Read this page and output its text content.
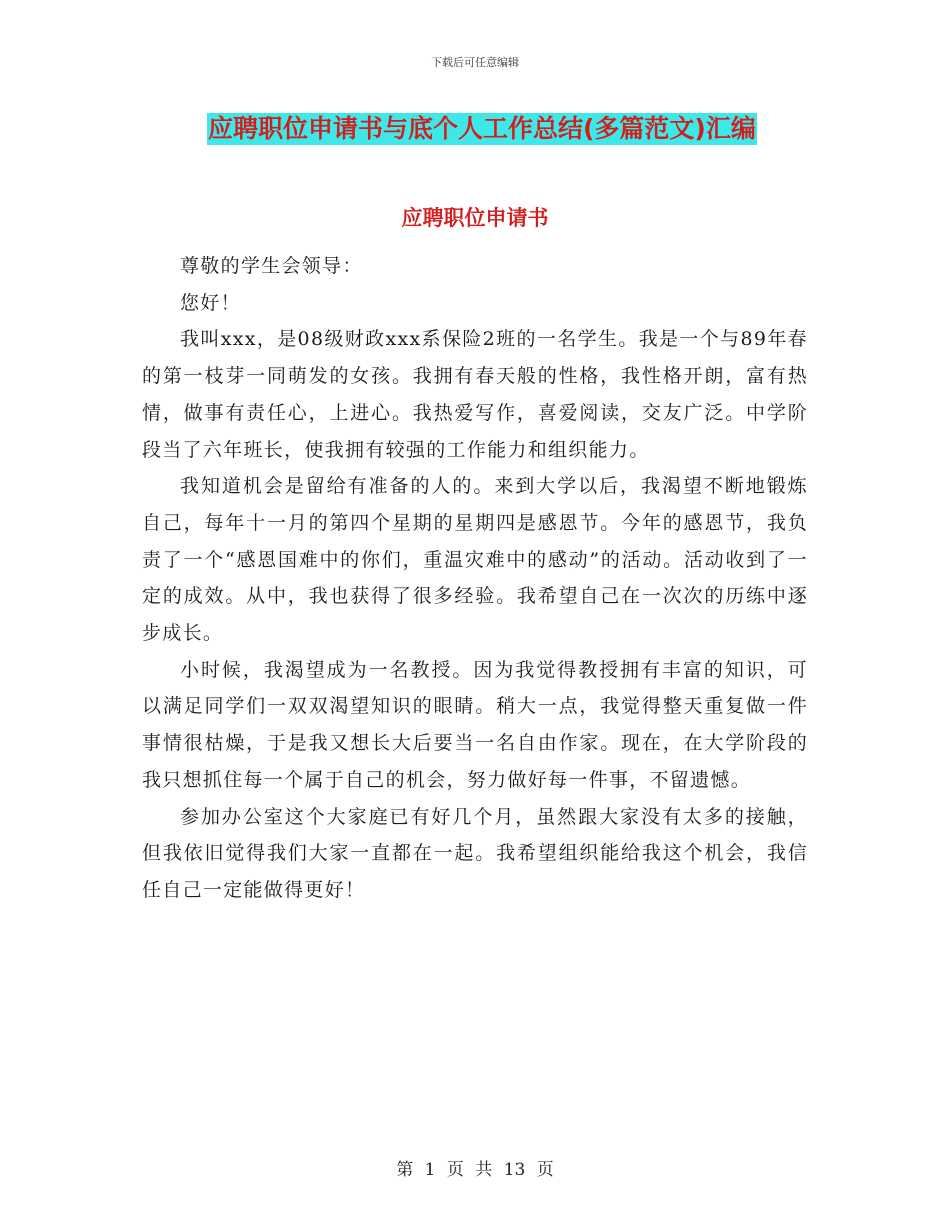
下载后可任意编辑
应聘职位申请书与底个人工作总结(多篇范文)汇编
应聘职位申请书

尊敬的学生会领导：

您好！

我叫xxx，是08级财政xxx系保险2班的一名学生。我是一个与89年春的第一枝芽一同萌发的女孩。我拥有春天般的性格，我性格开朗，富有热情，做事有责任心，上进心。我热爱写作，喜爱阅读，交友广泛。中学阶段当了六年班长，使我拥有较强的工作能力和组织能力。

我知道机会是留给有准备的人的。来到大学以后，我渴望不断地锻炼自己，每年十一月的第四个星期的星期四是感恩节。今年的感恩节，我负责了一个“感恩国难中的你们，重温灾难中的感动”的活动。活动收到了一定的成效。从中，我也获得了很多经验。我希望自己在一次次的历练中逐步成长。

小时候，我渴望成为一名教授。因为我觉得教授拥有丰富的知识，可以满足同学们一双双渴望知识的眼睛。稍大一点，我觉得整天重复做一件事情很枯燥，于是我又想长大后要当一名自由作家。现在，在大学阶段的我只想抓住每一个属于自己的机会，努力做好每一件事，不留遗憾。

参加办公室这个大家庭已有好几个月，虽然跟大家没有太多的接触，但我依旧觉得我们大家一直都在一起。我希望组织能给我这个机会，我信任自己一定能做得更好！

第 1 页 共 13 页
